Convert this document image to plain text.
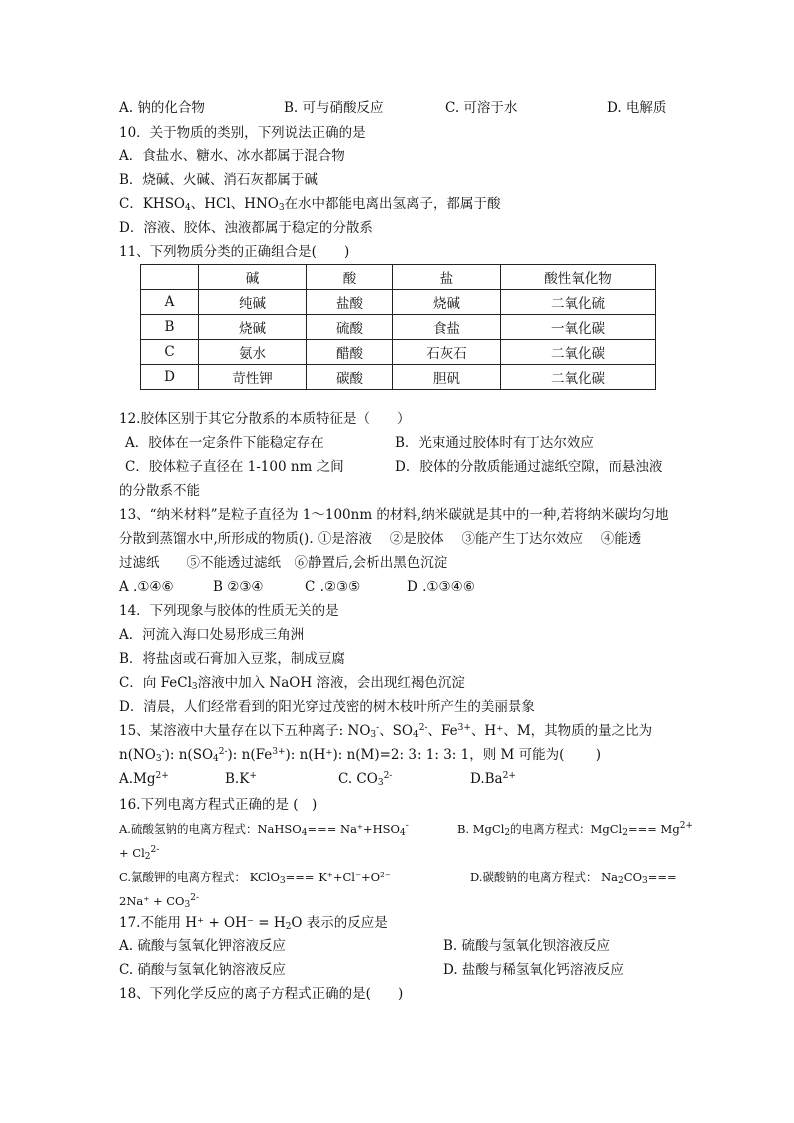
A. 钠的化合物	B. 可与硝酸反应	C. 可溶于水	D. 电解质
10．关于物质的类别，下列说法正确的是
A．食盐水、糖水、冰水都属于混合物
B．烧碱、火碱、消石灰都属于碱
C．$KHSO_4$、HCl、$HNO_3$在水中都能电离出氢离子，都属于酸
D．溶液、胶体、浊液都属于稳定的分散系
11、下列物质分类的正确组合是(　　)
	碱	酸	盐	酸性氧化物
A	纯碱	盐酸	烧碱	二氧化硫
B	烧碱	硫酸	食盐	一氧化碳
C	氨水	醋酸	石灰石	二氧化碳
D	苛性钾	碳酸	胆矾	二氧化碳
12.胶体区别于其它分散系的本质特征是（　　）
A．胶体在一定条件下能稳定存在	B．光束通过胶体时有丁达尔效应
C．胶体粒子直径在 1-100 nm 之间	D．胶体的分散质能通过滤纸空隙，而悬浊液
的分散系不能
13、“纳米材料”是粒子直径为 1～100nm 的材料,纳米碳就是其中的一种,若将纳米碳均匀地
分散到蒸馏水中,所形成的物质(). ①是溶液　 ②是胶体　 ③能产生丁达尔效应　 ④能透
过滤纸　　⑤不能透过滤纸　⑥静置后,会析出黑色沉淀
A .①④⑥	B ②③④	C .②③⑤	D .①③④⑥
14．下列现象与胶体的性质无关的是
A．河流入海口处易形成三角洲
B．将盐卤或石膏加入豆浆，制成豆腐
C．向 FeCl$_3$溶液中加入 NaOH 溶液，会出现红褐色沉淀
D．清晨，人们经常看到的阳光穿过茂密的树木枝叶所产生的美丽景象
15、某溶液中大量存在以下五种离子: $NO_3^-$、$SO_4^{2-}$、$Fe^{3+}$、H⁺、M，其物质的量之比为
$n(NO_3^-)$: $n(SO_4^{2-})$: $n(Fe^{3+})$: n(H⁺): n(M)=2: 3: 1: 3: 1，则 M 可能为(　　 )
$A.Mg^{2+}$	B.K+	C. $CO_3^{2-}$	$D.Ba^{2+}$
16.下列电离方程式正确的是 (　)
A.硫酸氢钠的电离方程式：NaHSO$_4$=== $Na^++HSO_4^-$	B. MgCl$_2$的电离方程式：MgCl$_2$=== $Mg^{2+}$
+ $Cl_2^{2-}$
C.氯酸钾的电离方程式： KClO$_3$=== K⁺+Cl⁻+O²⁻	D.碳酸钠的电离方程式： $Na_2CO_3===$
$2Na^+ + CO_3^{2-}$
17.不能用 $H^+ + OH^- = H_2O$ 表示的反应是
A. 硫酸与氢氧化钾溶液反应	B. 硫酸与氢氧化钡溶液反应
C. 硝酸与氢氧化钠溶液反应	D. 盐酸与稀氢氧化钙溶液反应
18、下列化学反应的离子方程式正确的是(　　)
